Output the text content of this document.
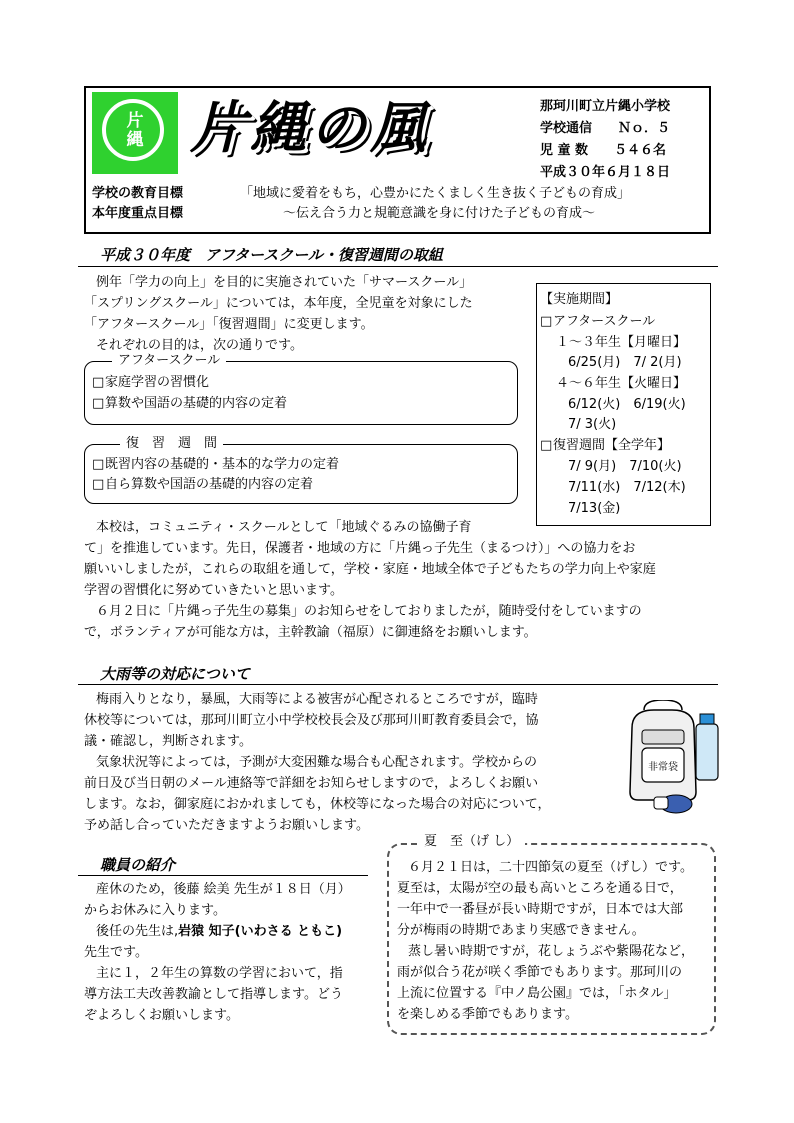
片
縄 片縄の風	那珂川町立片縄小学校
学校通信　　Ｎｏ．５
児 童 数　　５４６名
平成３０年６月１８日
学校の教育目標	「地域に愛着をもち，心豊かにたくましく生き抜く子どもの育成」
本年度重点目標	～伝え合う力と規範意識を身に付けた子どもの育成～
平成３０年度　アフタースクール・復習週間の取組
例年「学力の向上」を目的に実施されていた「サマースクール」
「スプリングスクール」については，本年度，全児童を対象にした
「アフタースクール」「復習週間」に変更します。
それぞれの目的は，次の通りです。
アフタースクール
家庭学習の習慣化
□
□ 算数や国語の基礎的内容の定着
復　習　週　間
□ 既習内容の基礎的・基本的な学力の定着
□ 自ら算数や国語の基礎的内容の定着
【実施期間】
□ アフタースクール
１～３年生【月曜日】
6/25(月)　7/ 2(月)
４～６年生【火曜日】
6/12(火)　6/19(火)
7/ 3(火)
□ 復習週間【全学年】
7/ 9(月)　7/10(火)
7/11(水)　7/12(木)
7/13(金)
本校は，コミュニティ・スクールとして「地域ぐるみの協働子育
て」を推進しています。先日，保護者・地域の方に「片縄っ子先生（まるつけ）」への協力をお
願いいしましたが，これらの取組を通して，学校・家庭・地域全体で子どもたちの学力向上や家庭
学習の習慣化に努めていきたいと思います。
６月２日に「片縄っ子先生の募集」のお知らせをしておりましたが，随時受付をしていますの
で，ボランティアが可能な方は，主幹教諭（福原）に御連絡をお願いします。
大雨等の対応について
梅雨入りとなり，暴風，大雨等による被害が心配されるところですが，臨時
休校等については，那珂川町立小中学校校長会及び那珂川町教育委員会で，協
議・確認し，判断されます。
気象状況等によっては，予測が大変困難な場合も心配されます。学校からの
前日及び当日朝のメール連絡等で詳細をお知らせしますので，よろしくお願い
します。なお，御家庭におかれましても，休校等になった場合の対応について，
予め話し合っていただきますようお願いします。
非常袋
職員の紹介
産休のため，後藤 絵美 先生が１８日（月）
からお休みに入ります。
後任の先生は,岩猿 知子(いわさる ともこ)
先生です。
主に１，２年生の算数の学習において，指
導方法工夫改善教諭として指導します。どう
ぞよろしくお願いします。
夏　至（げ し）
６月２１日は，二十四節気の夏至（げし）です。
夏至は，太陽が空の最も高いところを通る日で，
一年中で一番昼が長い時期ですが，日本では大部
分が梅雨の時期であまり実感できません。
蒸し暑い時期ですが，花しょうぶや紫陽花など，
雨が似合う花が咲く季節でもあります。那珂川の
上流に位置する『中ノ島公園』では，「ホタル」
を楽しめる季節でもあります。
